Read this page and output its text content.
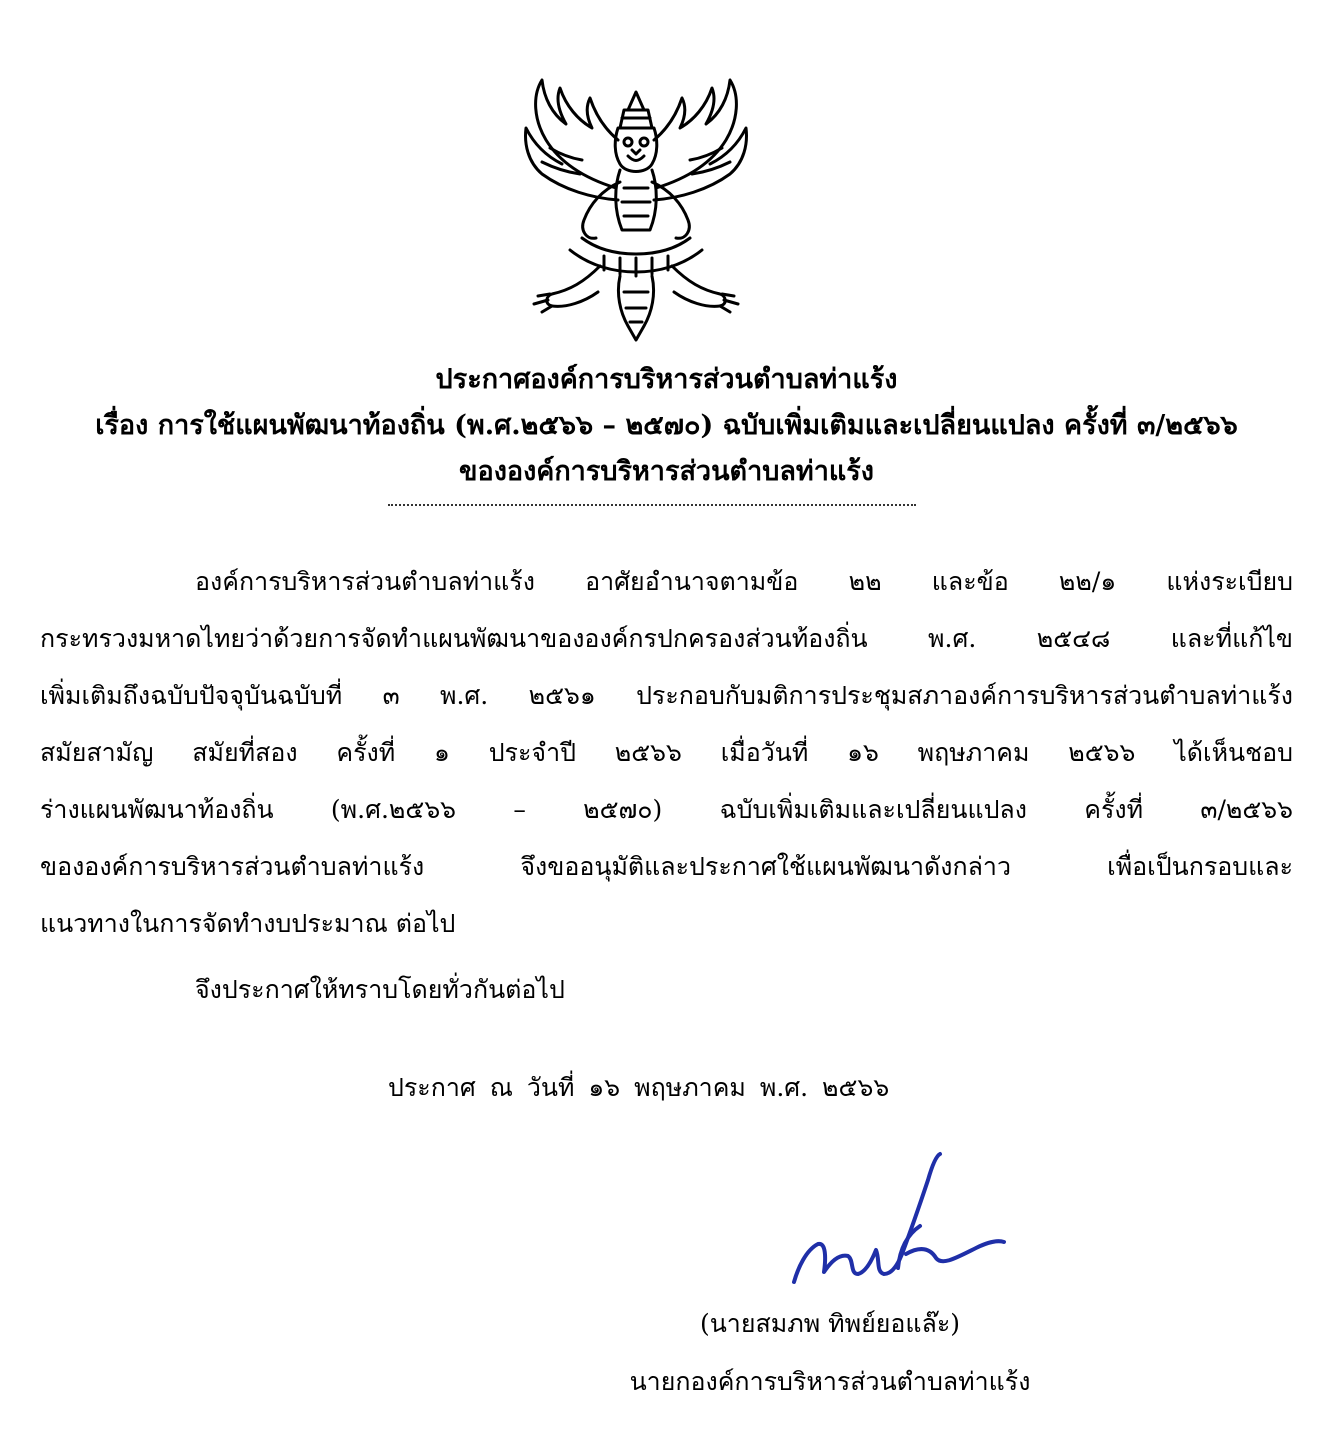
ประกาศองค์การบริหารส่วนตำบลท่าแร้ง
เรื่อง การใช้แผนพัฒนาท้องถิ่น (พ.ศ.๒๕๖๖ – ๒๕๗๐) ฉบับเพิ่มเติมและเปลี่ยนแปลง ครั้งที่ ๓/๒๕๖๖
ขององค์การบริหารส่วนตำบลท่าแร้ง
องค์การบริหารส่วนตำบลท่าแร้ง อาศัยอำนาจตามข้อ ๒๒ และข้อ ๒๒/๑ แห่งระเบียบ
กระทรวงมหาดไทยว่าด้วยการจัดทำแผนพัฒนาขององค์กรปกครองส่วนท้องถิ่น พ.ศ. ๒๕๔๘ และที่แก้ไข
เพิ่มเติมถึงฉบับปัจจุบันฉบับที่ ๓ พ.ศ. ๒๕๖๑ ประกอบกับมติการประชุมสภาองค์การบริหารส่วนตำบลท่าแร้ง
สมัยสามัญ สมัยที่สอง ครั้งที่ ๑ ประจำปี ๒๕๖๖ เมื่อวันที่ ๑๖ พฤษภาคม ๒๕๖๖ ได้เห็นชอบ
ร่างแผนพัฒนาท้องถิ่น (พ.ศ.๒๕๖๖ – ๒๕๗๐) ฉบับเพิ่มเติมและเปลี่ยนแปลง ครั้งที่ ๓/๒๕๖๖
ขององค์การบริหารส่วนตำบลท่าแร้ง จึงขออนุมัติและประกาศใช้แผนพัฒนาดังกล่าว เพื่อเป็นกรอบและ
แนวทางในการจัดทำงบประมาณ ต่อไป
จึงประกาศให้ทราบโดยทั่วกันต่อไป
ประกาศ ณ วันที่ ๑๖ พฤษภาคม พ.ศ. ๒๕๖๖
(นายสมภพ ทิพย์ยอแล๊ะ)
นายกองค์การบริหารส่วนตำบลท่าแร้ง
